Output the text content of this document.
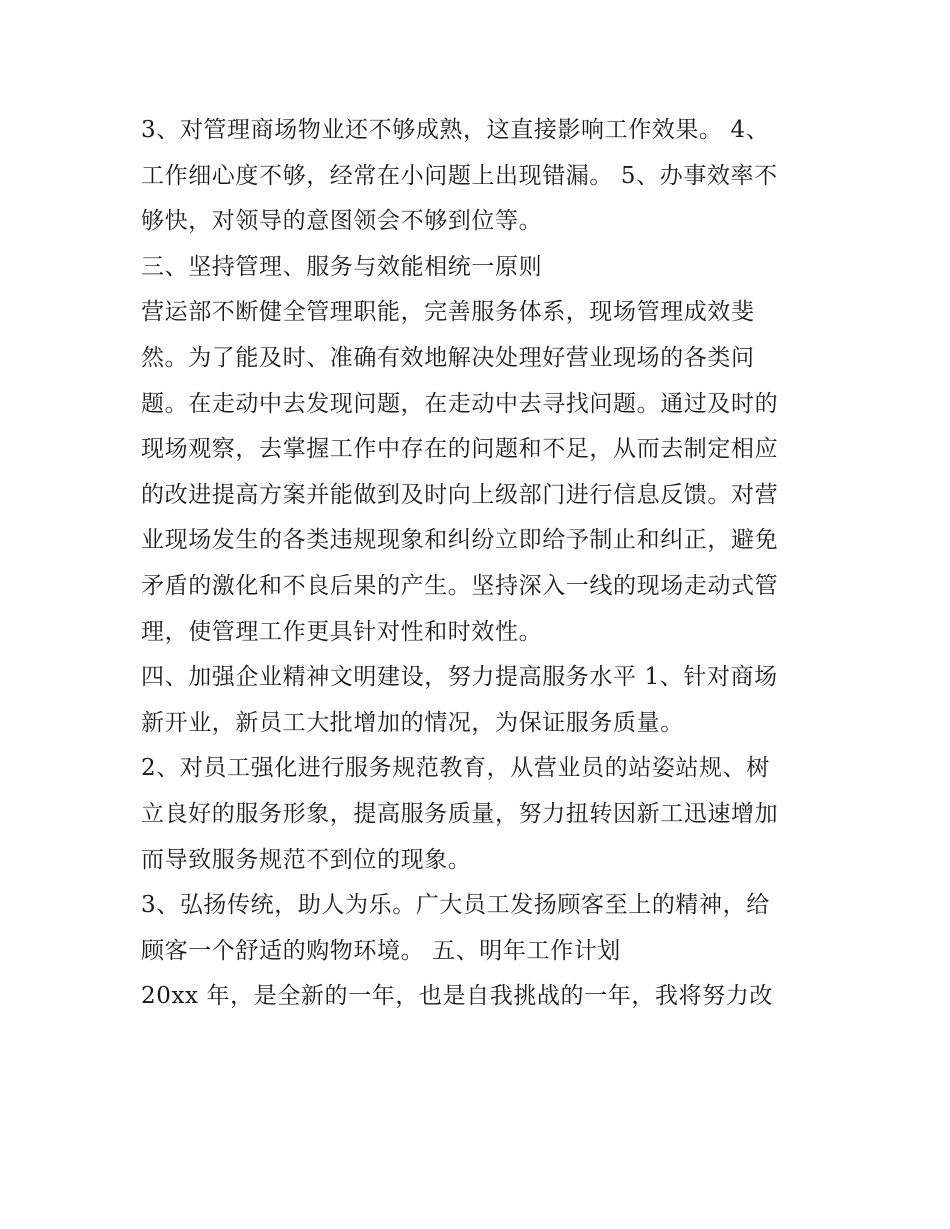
3、对管理商场物业还不够成熟，这直接影响工作效果。 4、
工作细心度不够，经常在小问题上出现错漏。 5、办事效率不
够快，对领导的意图领会不够到位等。
三、坚持管理、服务与效能相统一原则
营运部不断健全管理职能，完善服务体系，现场管理成效斐
然。为了能及时、准确有效地解决处理好营业现场的各类问
题。在走动中去发现问题，在走动中去寻找问题。通过及时的
现场观察，去掌握工作中存在的问题和不足，从而去制定相应
的改进提高方案并能做到及时向上级部门进行信息反馈。对营
业现场发生的各类违规现象和纠纷立即给予制止和纠正，避免
矛盾的激化和不良后果的产生。坚持深入一线的现场走动式管
理，使管理工作更具针对性和时效性。
四、加强企业精神文明建设，努力提高服务水平 1、针对商场
新开业，新员工大批增加的情况，为保证服务质量。
2、对员工强化进行服务规范教育，从营业员的站姿站规、树
立良好的服务形象，提高服务质量，努力扭转因新工迅速增加
而导致服务规范不到位的现象。
3、弘扬传统，助人为乐。广大员工发扬顾客至上的精神，给
顾客一个舒适的购物环境。 五、明年工作计划
20xx 年，是全新的一年，也是自我挑战的一年，我将努力改
